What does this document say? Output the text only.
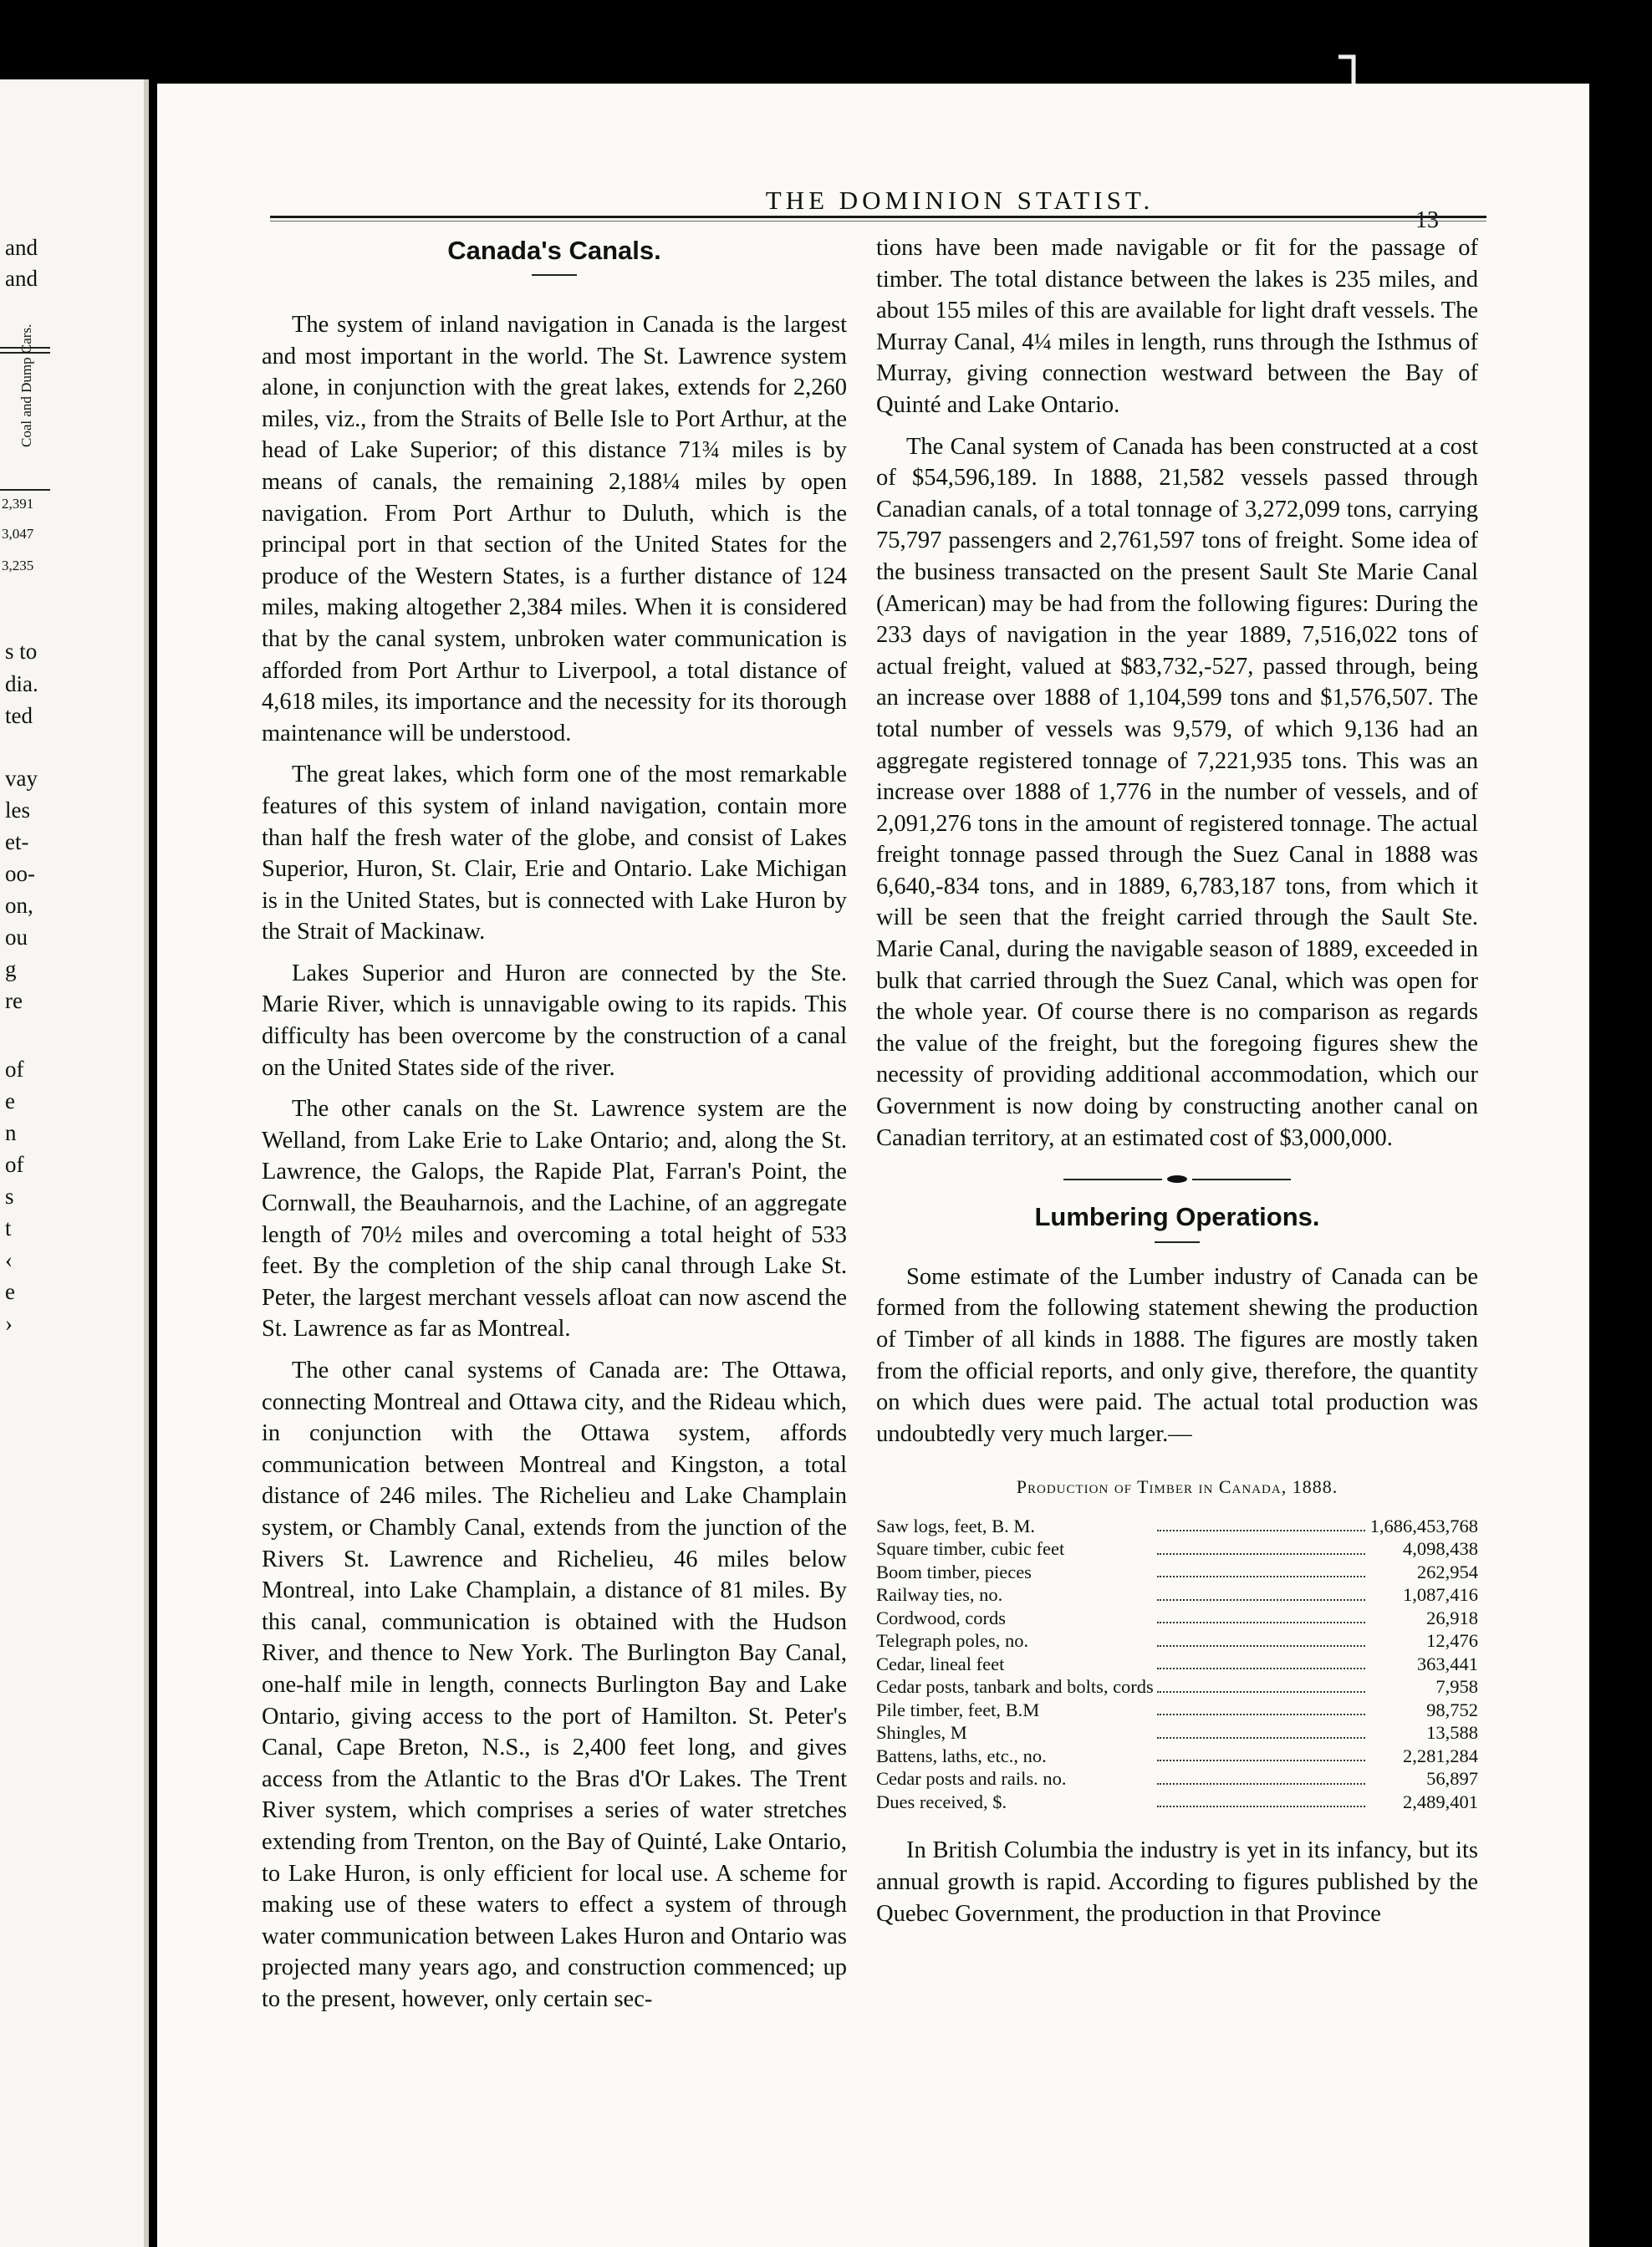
and
and
Coal and Dump Cars.
2,391
3,047
3,235
s to
dia.
ted
vay
les
et-
oo-
on,
ou
g
re
of
e
n
of
s
t
‹
e
›
THE DOMINION STATIST.
Canada's Canals.

The system of inland navigation in Canada is the largest and most important in the world. The St. Lawrence system alone, in conjunction with the great lakes, extends for 2,260 miles, viz., from the Straits of Belle Isle to Port Arthur, at the head of Lake Superior; of this distance 71¾ miles is by means of canals, the remaining 2,188¼ miles by open navigation. From Port Arthur to Duluth, which is the principal port in that section of the United States for the produce of the Western States, is a further distance of 124 miles, making altogether 2,384 miles. When it is considered that by the canal system, unbroken water communication is afforded from Port Arthur to Liverpool, a total distance of 4,618 miles, its importance and the necessity for its thorough maintenance will be understood.

The great lakes, which form one of the most remarkable features of this system of inland navigation, contain more than half the fresh water of the globe, and consist of Lakes Superior, Huron, St. Clair, Erie and Ontario. Lake Michigan is in the United States, but is connected with Lake Huron by the Strait of Mackinaw.

Lakes Superior and Huron are connected by the Ste. Marie River, which is unnavigable owing to its rapids. This difficulty has been overcome by the construction of a canal on the United States side of the river.

The other canals on the St. Lawrence system are the Welland, from Lake Erie to Lake Ontario; and, along the St. Lawrence, the Galops, the Rapide Plat, Farran's Point, the Cornwall, the Beauharnois, and the Lachine, of an aggregate length of 70½ miles and overcoming a total height of 533 feet. By the completion of the ship canal through Lake St. Peter, the largest merchant vessels afloat can now ascend the St. Lawrence as far as Montreal.

The other canal systems of Canada are: The Ottawa, connecting Montreal and Ottawa city, and the Rideau which, in conjunction with the Ottawa system, affords communication between Montreal and Kingston, a total distance of 246 miles. The Richelieu and Lake Champlain system, or Chambly Canal, extends from the junction of the Rivers St. Lawrence and Richelieu, 46 miles below Montreal, into Lake Champlain, a distance of 81 miles. By this canal, communication is obtained with the Hudson River, and thence to New York. The Burlington Bay Canal, one-half mile in length, connects Burlington Bay and Lake Ontario, giving access to the port of Hamilton. St. Peter's Canal, Cape Breton, N.S., is 2,400 feet long, and gives access from the Atlantic to the Bras d'Or Lakes. The Trent River system, which comprises a series of water stretches extending from Trenton, on the Bay of Quinté, Lake Ontario, to Lake Huron, is only efficient for local use. A scheme for making use of these waters to effect a system of through water communication between Lakes Huron and Ontario was projected many years ago, and construction commenced; up to the present, however, only certain sec-

tions have been made navigable or fit for the passage of timber. The total distance between the lakes is 235 miles, and about 155 miles of this are available for light draft vessels. The Murray Canal, 4¼ miles in length, runs through the Isthmus of Murray, giving connection westward between the Bay of Quinté and Lake Ontario.

The Canal system of Canada has been constructed at a cost of $54,596,189. In 1888, 21,582 vessels passed through Canadian canals, of a total tonnage of 3,272,099 tons, carrying 75,797 passengers and 2,761,597 tons of freight. Some idea of the business transacted on the present Sault Ste Marie Canal (American) may be had from the following figures: During the 233 days of navigation in the year 1889, 7,516,022 tons of actual freight, valued at $83,732,-527, passed through, being an increase over 1888 of 1,104,599 tons and $1,576,507. The total number of vessels was 9,579, of which 9,136 had an aggregate registered tonnage of 7,221,935 tons. This was an increase over 1888 of 1,776 in the number of vessels, and of 2,091,276 tons in the amount of registered tonnage. The actual freight tonnage passed through the Suez Canal in 1888 was 6,640,-834 tons, and in 1889, 6,783,187 tons, from which it will be seen that the freight carried through the Sault Ste. Marie Canal, during the navigable season of 1889, exceeded in bulk that carried through the Suez Canal, which was open for the whole year. Of course there is no comparison as regards the value of the freight, but the foregoing figures shew the necessity of providing additional accommodation, which our Government is now doing by constructing another canal on Canadian territory, at an estimated cost of $3,000,000.

Lumbering Operations.

Some estimate of the Lumber industry of Canada can be formed from the following statement shewing the production of Timber of all kinds in 1888. The figures are mostly taken from the official reports, and only give, therefore, the quantity on which dues were paid. The actual total production was undoubtedly very much larger.—

Production of Timber in Canada, 1888.
Saw logs, feet, B. M.		1,686,453,768
Square timber, cubic feet		4,098,438
Boom timber, pieces		262,954
Railway ties, no.		1,087,416
Cordwood, cords		26,918
Telegraph poles, no.		12,476
Cedar, lineal feet		363,441
Cedar posts, tanbark and bolts, cords		7,958
Pile timber, feet, B.M		98,752
Shingles, M		13,588
Battens, laths, etc., no.		2,281,284
Cedar posts and rails. no.		56,897
Dues received, $.		2,489,401

In British Columbia the industry is yet in its infancy, but its annual growth is rapid. According to figures published by the Quebec Government, the production in that Province
